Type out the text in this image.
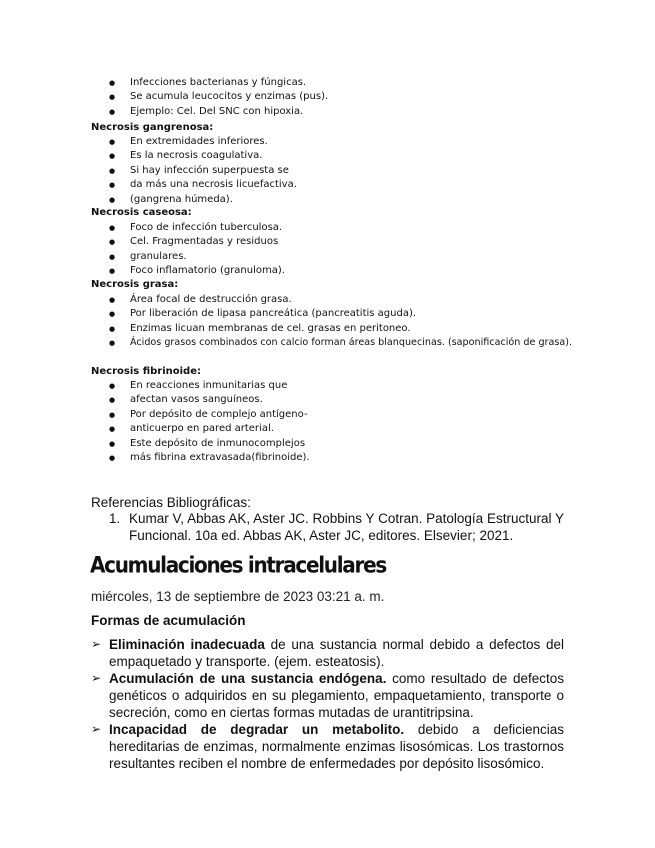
● Infecciones bacterianas y fúngicas.
● Se acumula leucocitos y enzimas (pus).
● Ejemplo: Cel. Del SNC con hipoxia.
Necrosis gangrenosa:
● En extremidades inferiores.
● Es la necrosis coagulativa.
● Si hay infección superpuesta se
● da más una necrosis licuefactiva.
● (gangrena húmeda).
Necrosis caseosa:
● Foco de infección tuberculosa.
● Cel. Fragmentadas y residuos
● granulares.
● Foco inflamatorio (granuloma).
Necrosis grasa:
● Área focal de destrucción grasa.
● Por liberación de lipasa pancreática (pancreatitis aguda).
● Enzimas licuan membranas de cel. grasas en peritoneo.
● Ácidos grasos combinados con calcio forman áreas blanquecinas. (saponificación de grasa).
Necrosis fibrinoide:
● En reacciones inmunitarias que
● afectan vasos sanguíneos.
● Por depósito de complejo antígeno-
● anticuerpo en pared arterial.
● Este depósito de inmunocomplejos
● más fibrina extravasada(fibrinoide).
Referencias Bibliográficas:
1. Kumar V, Abbas AK, Aster JC. Robbins Y Cotran. Patología Estructural Y Funcional. 10a ed. Abbas AK, Aster JC, editores. Elsevier; 2021.
Acumulaciones intracelulares
miércoles, 13 de septiembre de 2023 03:21 a. m.
Formas de acumulación
➢ Eliminación inadecuada de una sustancia normal debido a defectos del empaquetado y transporte. (ejem. esteatosis).
➢ Acumulación de una sustancia endógena. como resultado de defectos genéticos o adquiridos en su plegamiento, empaquetamiento, transporte o secreción, como en ciertas formas mutadas de urantitripsina.
➢ Incapacidad de degradar un metabolito. debido a deficiencias hereditarias de enzimas, normalmente enzimas lisosómicas. Los trastornos resultantes reciben el nombre de enfermedades por depósito lisosómico.
